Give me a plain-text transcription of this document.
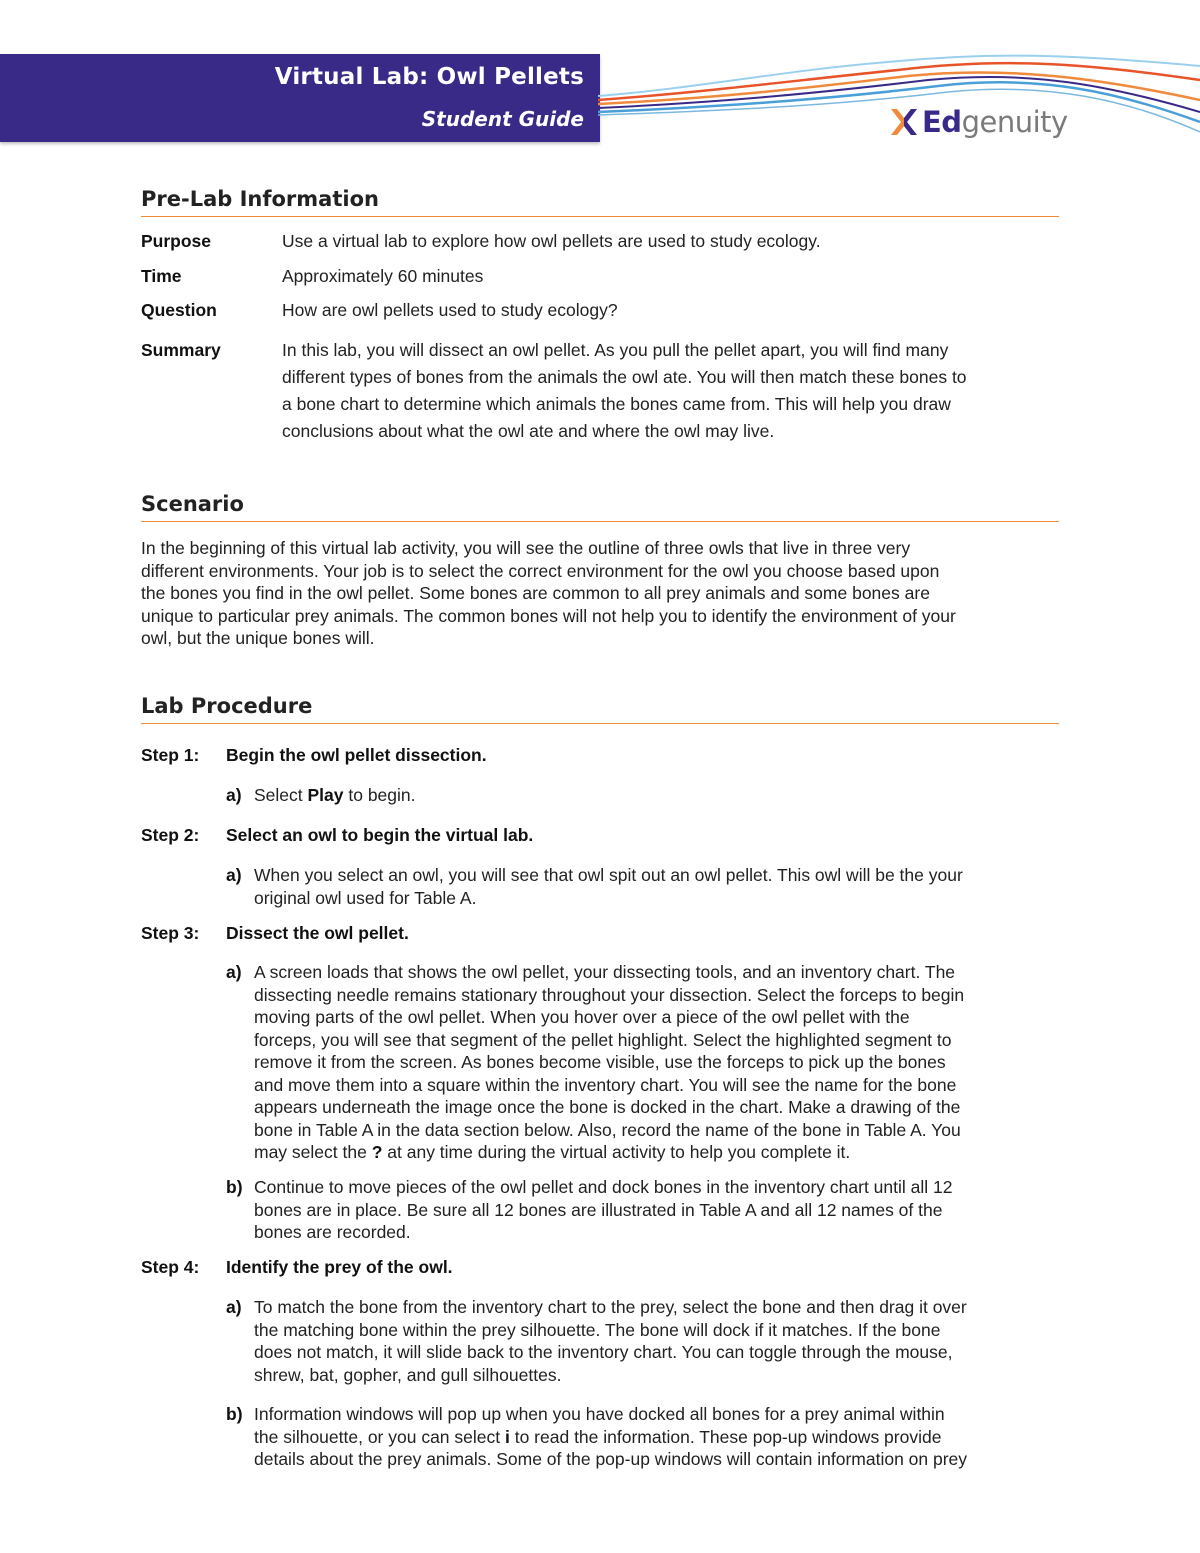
Virtual Lab: Owl Pellets
Student Guide	Edgenuity
Pre-Lab Information
Purpose	Use a virtual lab to explore how owl pellets are used to study ecology.
Time	Approximately 60 minutes
Question	How are owl pellets used to study ecology?
Summary	In this lab, you will dissect an owl pellet. As you pull the pellet apart, you will find many
different types of bones from the animals the owl ate. You will then match these bones to
a bone chart to determine which animals the bones came from. This will help you draw
conclusions about what the owl ate and where the owl may live.
Scenario
In the beginning of this virtual lab activity, you will see the outline of three owls that live in three very
different environments. Your job is to select the correct environment for the owl you choose based upon
the bones you find in the owl pellet. Some bones are common to all prey animals and some bones are
unique to particular prey animals. The common bones will not help you to identify the environment of your
owl, but the unique bones will.
Lab Procedure
Step 1: Begin the owl pellet dissection.
a) Select Play to begin.
Step 2: Select an owl to begin the virtual lab.
a) When you select an owl, you will see that owl spit out an owl pellet. This owl will be the your
original owl used for Table A.
Step 3: Dissect the owl pellet.
a) A screen loads that shows the owl pellet, your dissecting tools, and an inventory chart. The
dissecting needle remains stationary throughout your dissection. Select the forceps to begin
moving parts of the owl pellet. When you hover over a piece of the owl pellet with the
forceps, you will see that segment of the pellet highlight. Select the highlighted segment to
remove it from the screen. As bones become visible, use the forceps to pick up the bones
and move them into a square within the inventory chart. You will see the name for the bone
appears underneath the image once the bone is docked in the chart. Make a drawing of the
bone in Table A in the data section below. Also, record the name of the bone in Table A. You
may select the ? at any time during the virtual activity to help you complete it.
b) Continue to move pieces of the owl pellet and dock bones in the inventory chart until all 12
bones are in place. Be sure all 12 bones are illustrated in Table A and all 12 names of the
bones are recorded.
Step 4: Identify the prey of the owl.
a) To match the bone from the inventory chart to the prey, select the bone and then drag it over
the matching bone within the prey silhouette. The bone will dock if it matches. If the bone
does not match, it will slide back to the inventory chart. You can toggle through the mouse,
shrew, bat, gopher, and gull silhouettes.
b) Information windows will pop up when you have docked all bones for a prey animal within
the silhouette, or you can select i to read the information. These pop-up windows provide
details about the prey animals. Some of the pop-up windows will contain information on prey
